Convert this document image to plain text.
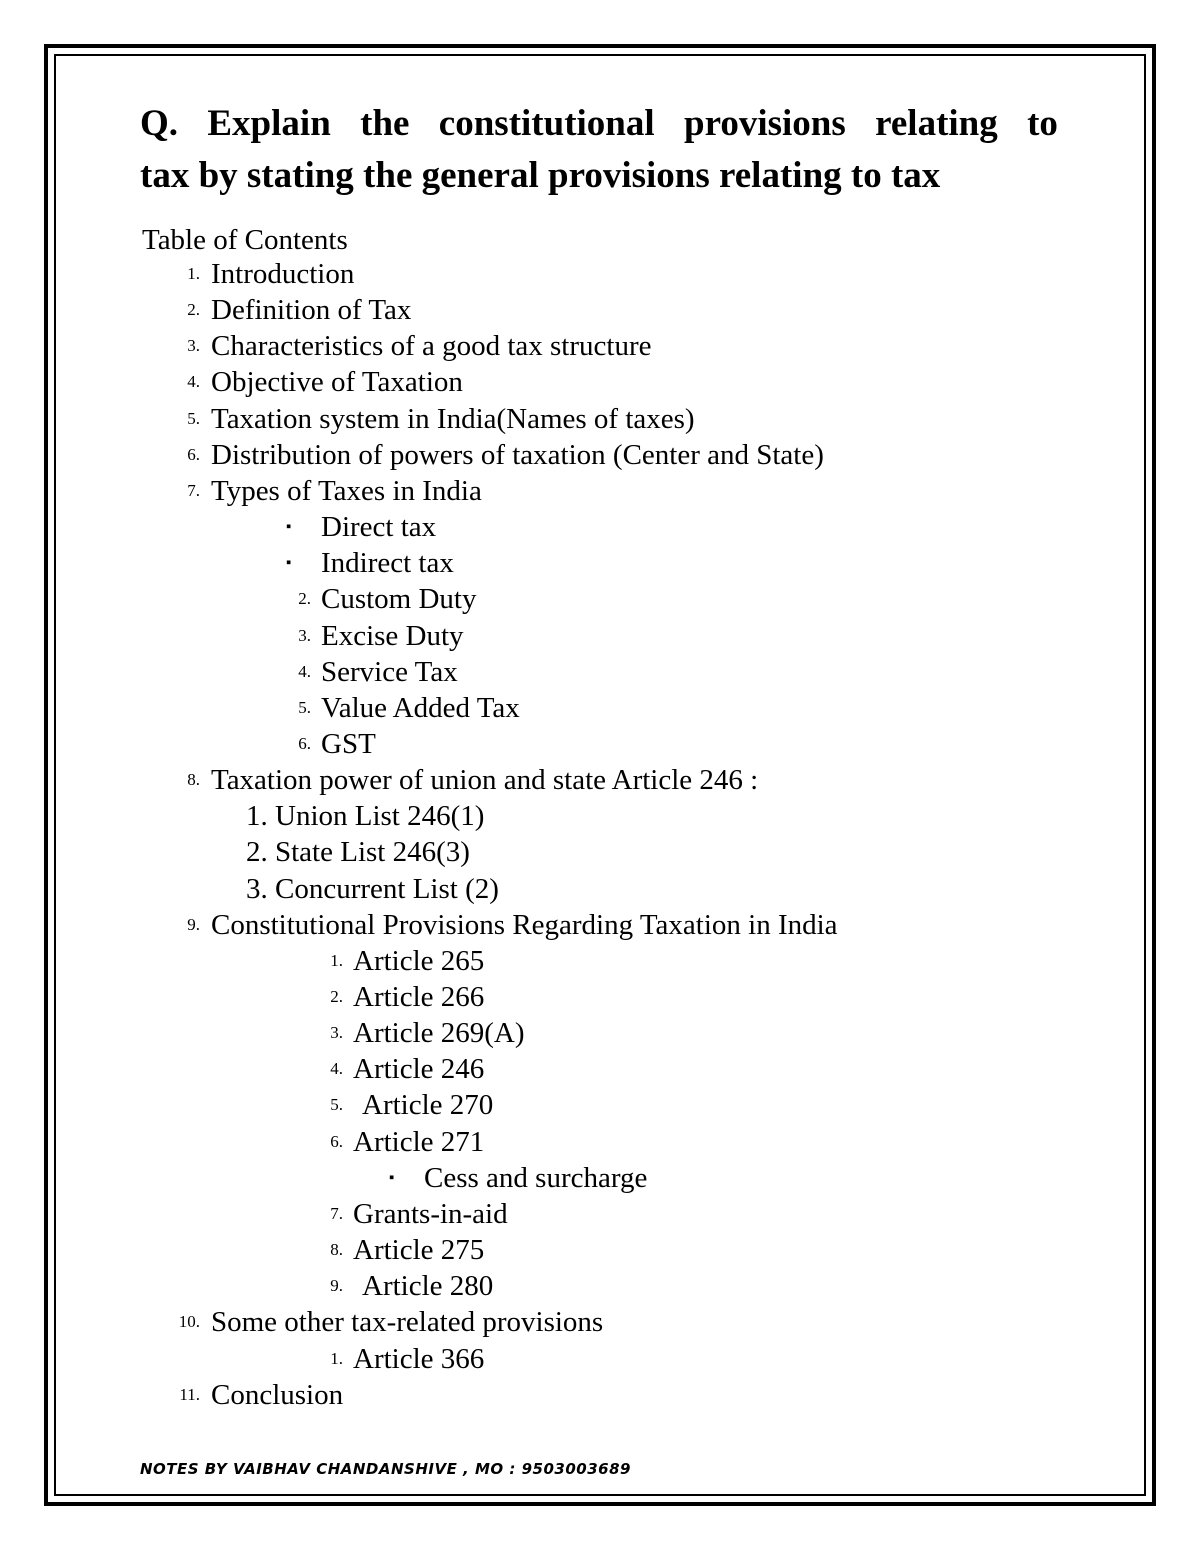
Q. Explain the constitutional provisions relating to
tax by stating the general provisions relating to tax
Table of Contents
1. Introduction
2. Definition of Tax
3. Characteristics of a good tax structure
4. Objective of Taxation
5. Taxation system in India(Names of taxes)
6. Distribution of powers of taxation (Center and State)
7. Types of Taxes in India
▪ Direct tax
▪ Indirect tax
2. Custom Duty
3. Excise Duty
4. Service Tax
5. Value Added Tax
6. GST
8. Taxation power of union and state Article 246 :
1. Union List 246(1)
2. State List 246(3)
3. Concurrent List (2)
9. Constitutional Provisions Regarding Taxation in India
1. Article 265
2. Article 266
3. Article 269(A)
4. Article 246
5. Article 270
6. Article 271
▪ Cess and surcharge
7. Grants-in-aid
8. Article 275
9. Article 280
10. Some other tax-related provisions
1. Article 366
11. Conclusion
NOTES BY VAIBHAV CHANDANSHIVE , MO : 9503003689
